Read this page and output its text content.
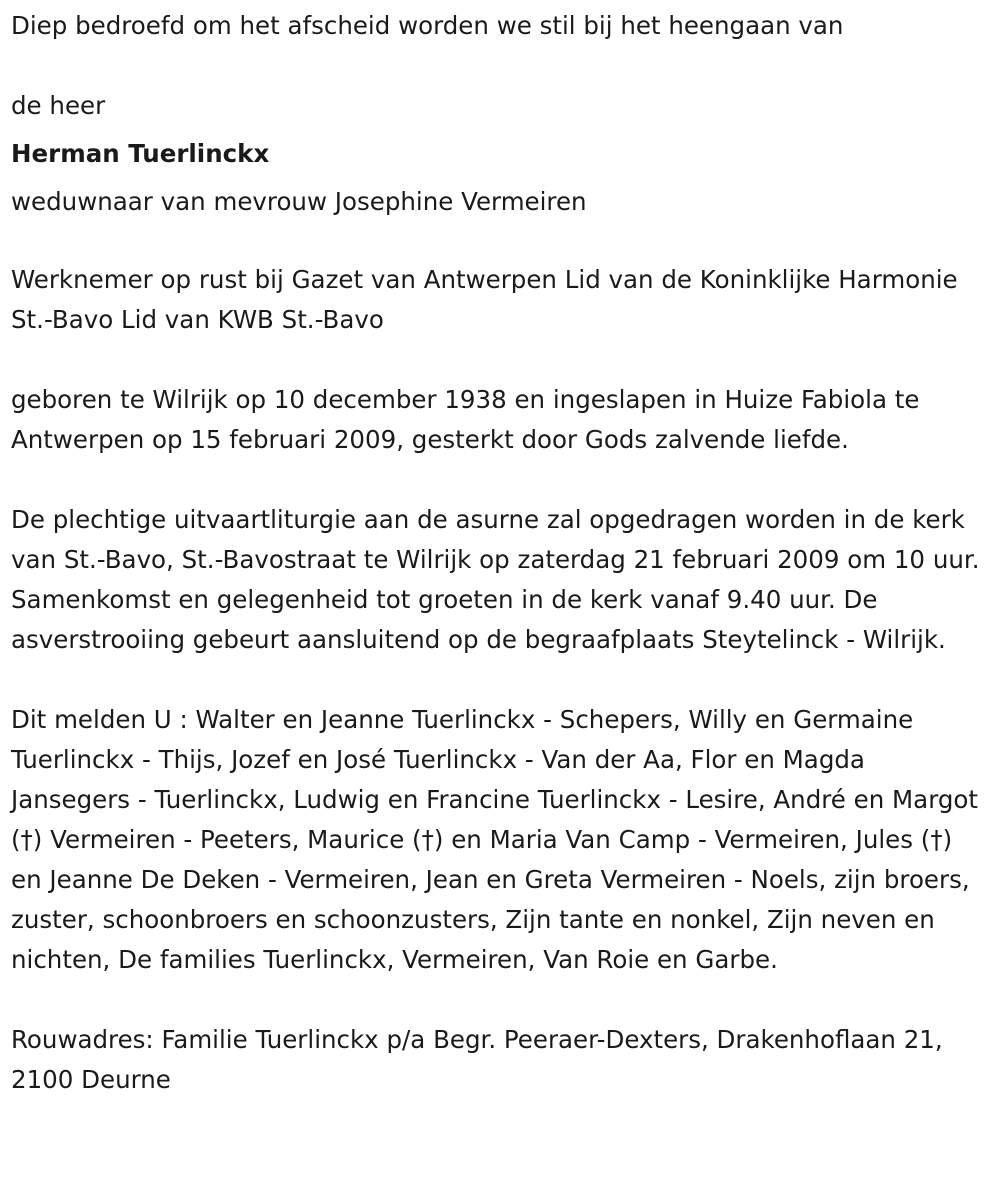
Diep bedroefd om het afscheid worden we stil bij het heengaan van

de heer

Herman Tuerlinckx

weduwnaar van mevrouw Josephine Vermeiren

Werknemer op rust bij Gazet van Antwerpen Lid van de Koninklijke Harmonie St.-Bavo Lid van KWB St.-Bavo

geboren te Wilrijk op 10 december 1938 en ingeslapen in Huize Fabiola te Antwerpen op 15 februari 2009, gesterkt door Gods zalvende liefde.

De plechtige uitvaartliturgie aan de asurne zal opgedragen worden in de kerk van St.-Bavo, St.-Bavostraat te Wilrijk op zaterdag 21 februari 2009 om 10 uur. Samenkomst en gelegenheid tot groeten in de kerk vanaf 9.40 uur. De asverstrooiing gebeurt aansluitend op de begraafplaats Steytelinck - Wilrijk.

Dit melden U : Walter en Jeanne Tuerlinckx - Schepers, Willy en Germaine Tuerlinckx - Thijs, Jozef en José Tuerlinckx - Van der Aa, Flor en Magda Jansegers - Tuerlinckx, Ludwig en Francine Tuerlinckx - Lesire, André en Margot (†) Vermeiren - Peeters, Maurice (†) en Maria Van Camp - Vermeiren, Jules (†) en Jeanne De Deken - Vermeiren, Jean en Greta Vermeiren - Noels, zijn broers, zuster, schoonbroers en schoonzusters, Zijn tante en nonkel, Zijn neven en nichten, De families Tuerlinckx, Vermeiren, Van Roie en Garbe.

Rouwadres: Familie Tuerlinckx p/a Begr. Peeraer-Dexters, Drakenhoflaan 21, 2100 Deurne
